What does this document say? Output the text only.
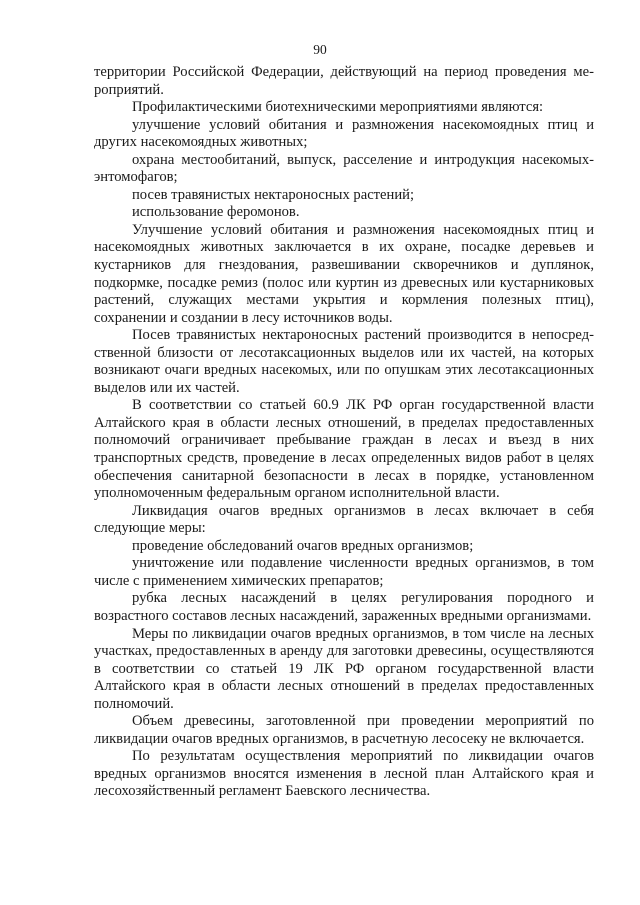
90

территории Российской Федерации, действующий на период проведения мероприятий.

Профилактическими биотехническими мероприятиями являются:

улучшение условий обитания и размножения насекомоядных птиц и других насекомоядных животных;

охрана местообитаний, выпуск, расселение и интродукция насекомых-энтомофагов;

посев травянистых нектароносных растений;

использование феромонов.

Улучшение условий обитания и размножения насекомоядных птиц и насекомоядных животных заключается в их охране, посадке деревьев и кустарников для гнездования, развешивании скворечников и дуплянок, подкормке, посадке ремиз (полос или куртин из древесных или кустарниковых растений, служащих местами укрытия и кормления полезных птиц), сохранении и создании в лесу источников воды.

Посев травянистых нектароносных растений производится в непосредственной близости от лесотаксационных выделов или их частей, на которых возникают очаги вредных насекомых, или по опушкам этих лесотаксационных выделов или их частей.

В соответствии со статьей 60.9 ЛК РФ орган государственной власти Алтайского края в области лесных отношений, в пределах предоставленных полномочий ограничивает пребывание граждан в лесах и въезд в них транспортных средств, проведение в лесах определенных видов работ в целях обеспечения санитарной безопасности в лесах в порядке, установленном уполномоченным федеральным органом исполнительной власти.

Ликвидация очагов вредных организмов в лесах включает в себя следующие меры:

проведение обследований очагов вредных организмов;

уничтожение или подавление численности вредных организмов, в том числе с применением химических препаратов;

рубка лесных насаждений в целях регулирования породного и возрастного составов лесных насаждений, зараженных вредными организмами.

Меры по ликвидации очагов вредных организмов, в том числе на лесных участках, предоставленных в аренду для заготовки древесины, осуществляются в соответствии со статьей 19 ЛК РФ органом государственной власти Алтайского края в области лесных отношений в пределах предоставленных полномочий.

Объем древесины, заготовленной при проведении мероприятий по ликвидации очагов вредных организмов, в расчетную лесосеку не включается.

По результатам осуществления мероприятий по ликвидации очагов вредных организмов вносятся изменения в лесной план Алтайского края и лесохозяйственный регламент Баевского лесничества.
